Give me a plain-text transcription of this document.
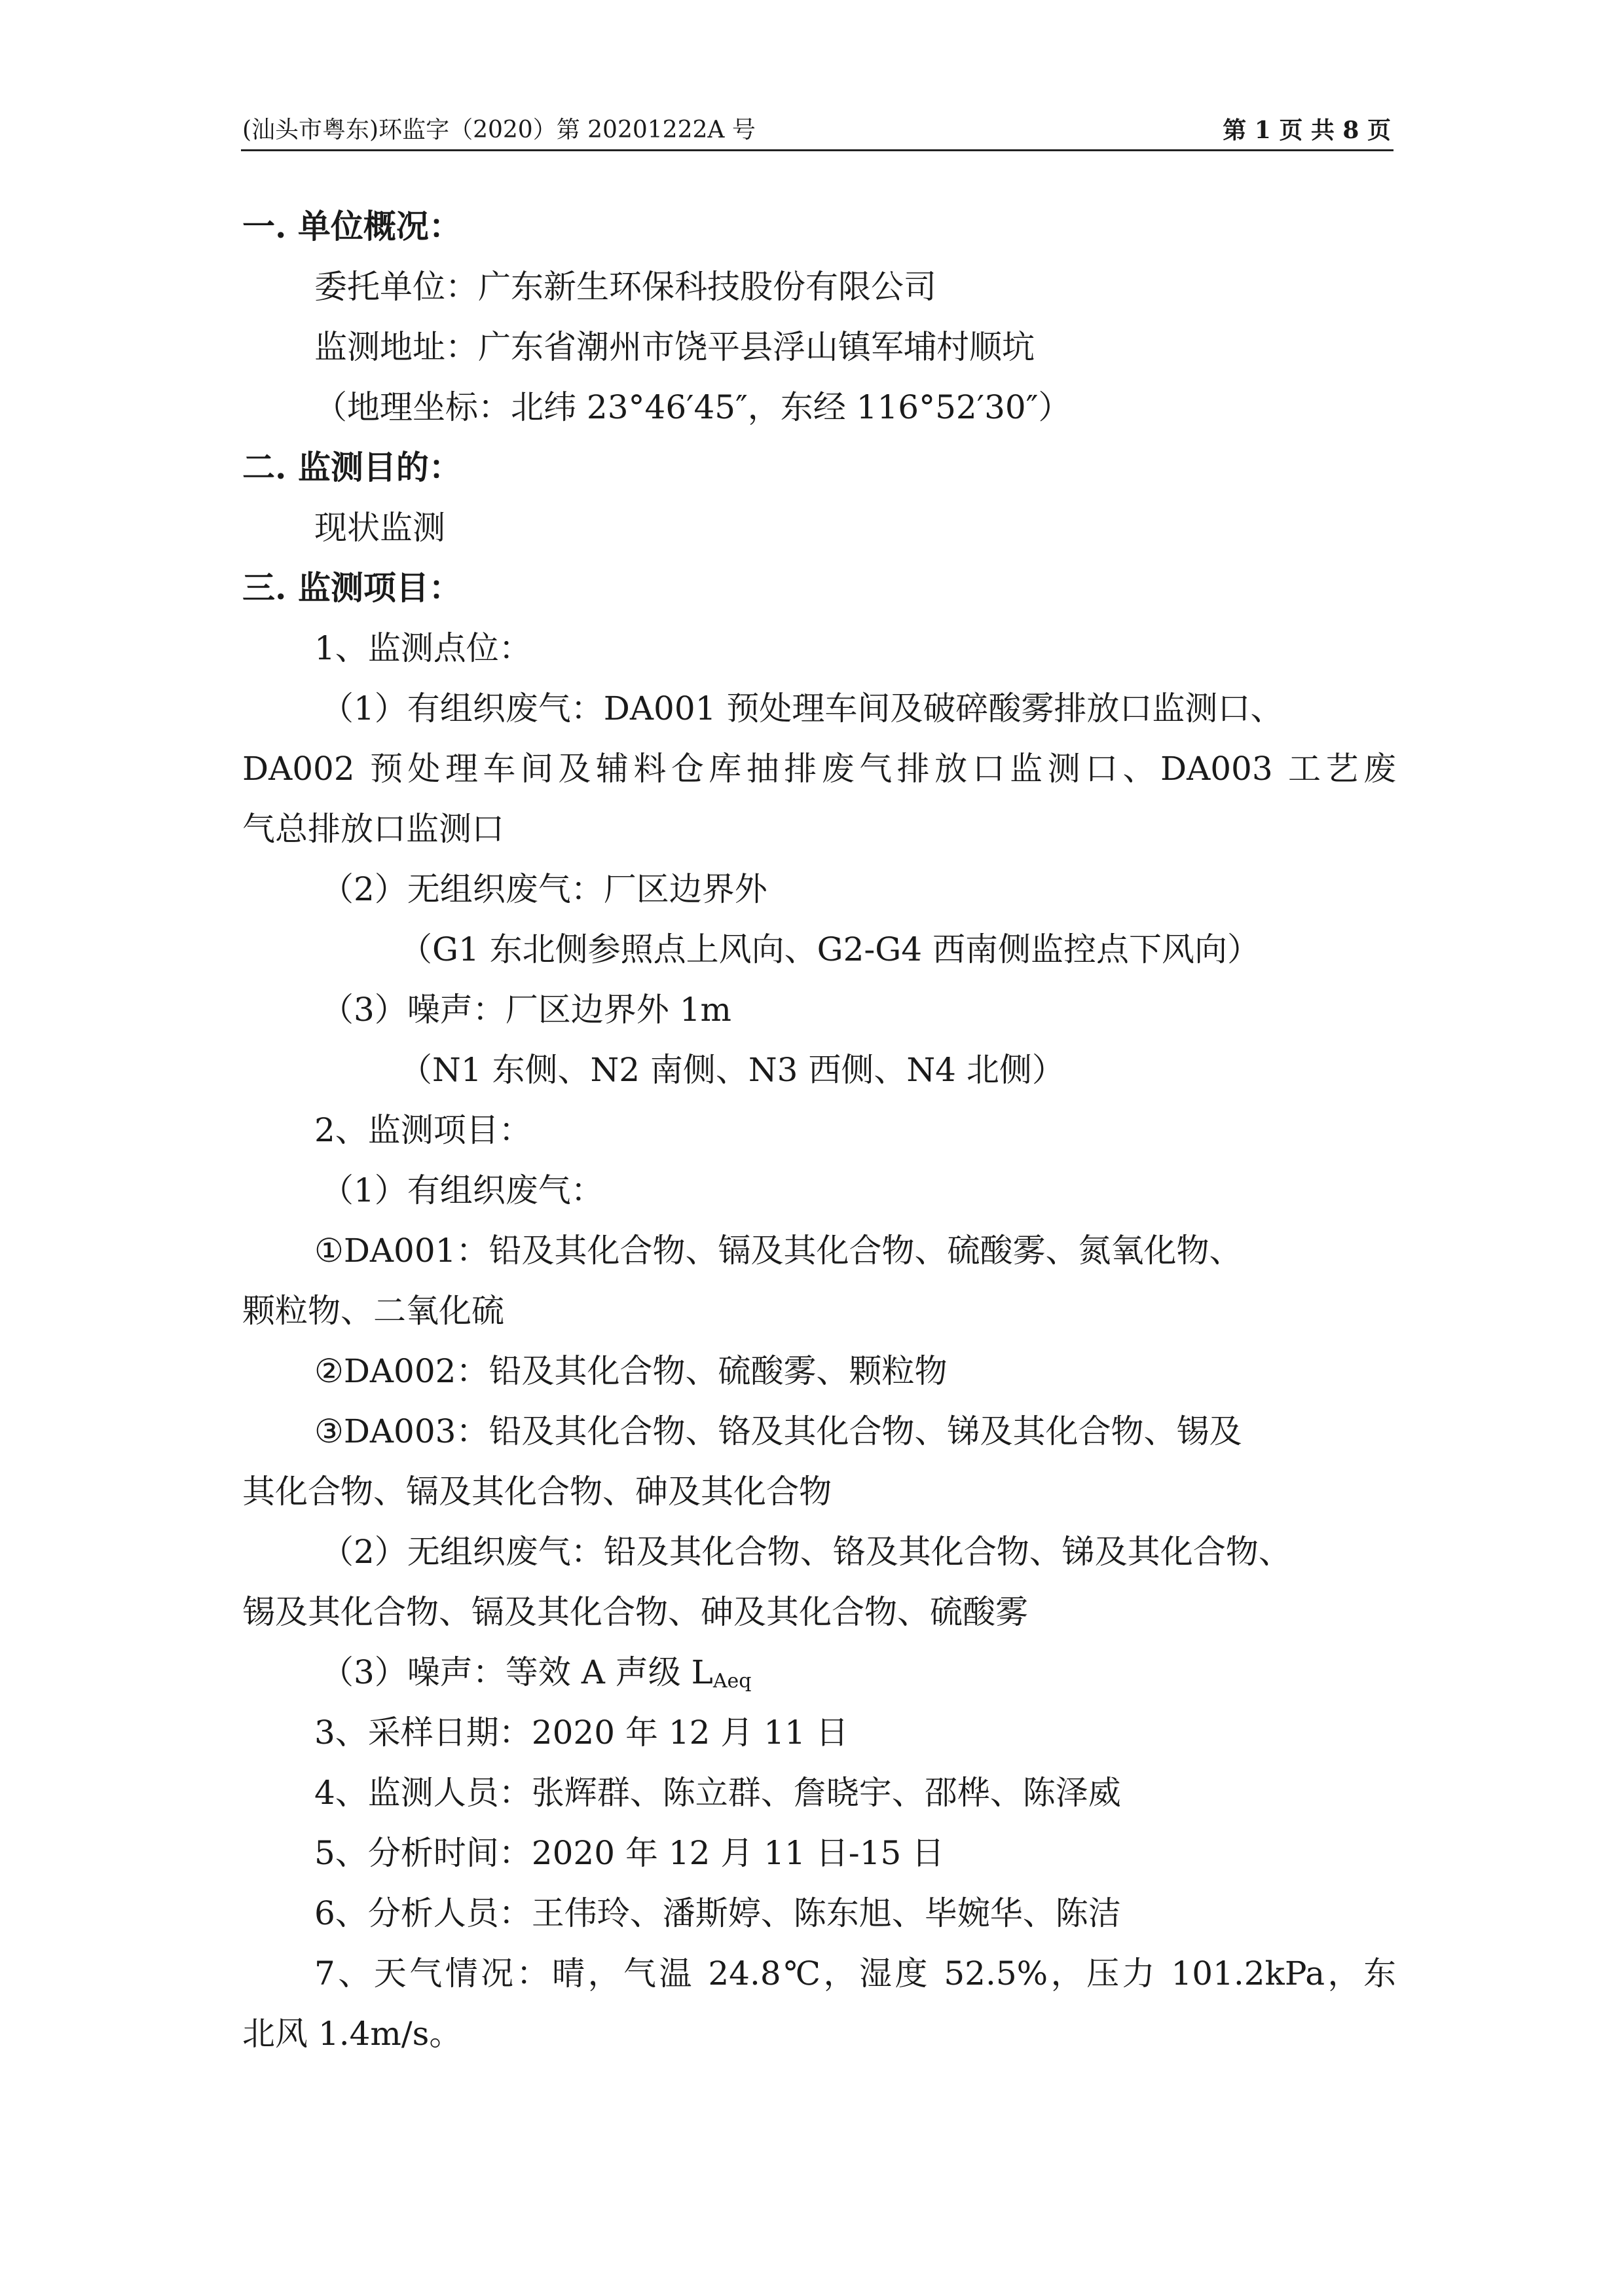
(汕头市粤东)环监字（2020）第 20201222A 号	第 1 页 共 8 页
一. 单位概况：
委托单位：广东新生环保科技股份有限公司
监测地址：广东省潮州市饶平县浮山镇军埔村顺坑
（地理坐标：北纬 23°46′45″，东经 116°52′30″）
二. 监测目的：
现状监测
三. 监测项目：
1、监测点位：
（1）有组织废气：DA001 预处理车间及破碎酸雾排放口监测口、
DA002 预处理车间及辅料仓库抽排废气排放口监测口、DA003 工艺废
气总排放口监测口
（2）无组织废气：厂区边界外
（G1 东北侧参照点上风向、G2-G4 西南侧监控点下风向）
（3）噪声：厂区边界外 1m
（N1 东侧、N2 南侧、N3 西侧、N4 北侧）
2、监测项目：
（1）有组织废气：
①DA001：铅及其化合物、镉及其化合物、硫酸雾、氮氧化物、
颗粒物、二氧化硫
②DA002：铅及其化合物、硫酸雾、颗粒物
③DA003：铅及其化合物、铬及其化合物、锑及其化合物、锡及
其化合物、镉及其化合物、砷及其化合物
（2）无组织废气：铅及其化合物、铬及其化合物、锑及其化合物、
锡及其化合物、镉及其化合物、砷及其化合物、硫酸雾
（3）噪声：等效 A 声级 $L_{Aeq}$
3、采样日期：2020 年 12 月 11 日
4、监测人员：张辉群、陈立群、詹晓宇、邵桦、陈泽威
5、分析时间：2020 年 12 月 11 日-15 日
6、分析人员：王伟玲、潘斯婷、陈东旭、毕婉华、陈洁
7、天气情况：晴，气温 24.8℃，湿度 52.5%，压力 101.2kPa，东
北风 1.4m/s。
